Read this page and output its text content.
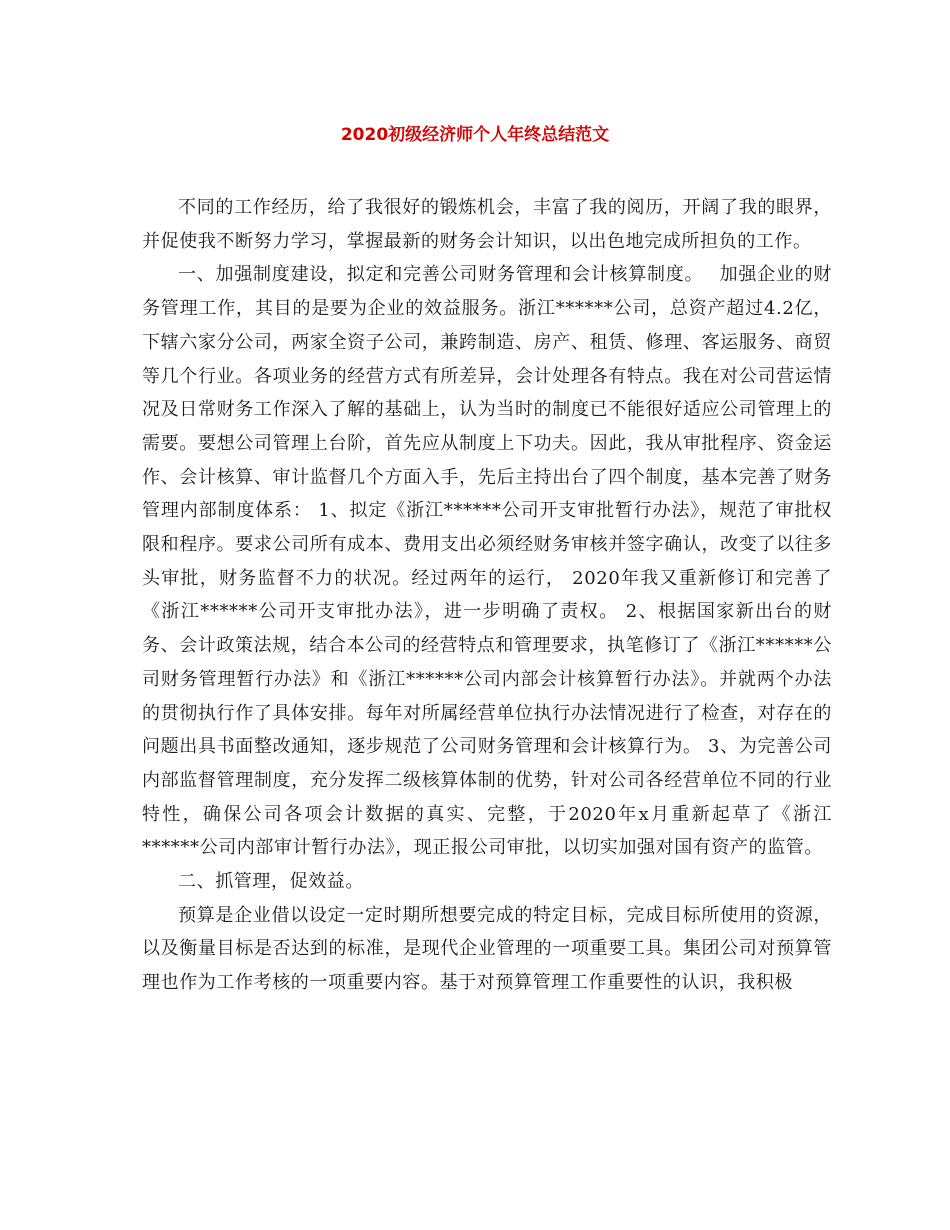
2020初级经济师个人年终总结范文

不同的工作经历，给了我很好的锻炼机会，丰富了我的阅历，开阔了我的眼界，并促使我不断努力学习，掌握最新的财务会计知识，以出色地完成所担负的工作。

一、加强制度建设，拟定和完善公司财务管理和会计核算制度。　 加强企业的财务管理工作，其目的是要为企业的效益服务。浙江******公司，总资产超过4.2亿，下辖六家分公司，两家全资子公司，兼跨制造、房产、租赁、修理、客运服务、商贸等几个行业。各项业务的经营方式有所差异，会计处理各有特点。我在对公司营运情况及日常财务工作深入了解的基础上，认为当时的制度已不能很好适应公司管理上的需要。要想公司管理上台阶，首先应从制度上下功夫。因此，我从审批程序、资金运作、会计核算、审计监督几个方面入手，先后主持出台了四个制度，基本完善了财务管理内部制度体系： 1、拟定《浙江******公司开支审批暂行办法》，规范了审批权限和程序。要求公司所有成本、费用支出必须经财务审核并签字确认，改变了以往多头审批，财务监督不力的状况。经过两年的运行， 2020年我又重新修订和完善了《浙江******公司开支审批办法》，进一步明确了责权。 2、根据国家新出台的财务、会计政策法规，结合本公司的经营特点和管理要求，执笔修订了《浙江******公司财务管理暂行办法》和《浙江******公司内部会计核算暂行办法》。并就两个办法的贯彻执行作了具体安排。每年对所属经营单位执行办法情况进行了检查，对存在的问题出具书面整改通知，逐步规范了公司财务管理和会计核算行为。 3、为完善公司内部监督管理制度，充分发挥二级核算体制的优势，针对公司各经营单位不同的行业特性，确保公司各项会计数据的真实、完整，于2020年x月重新起草了《浙江******公司内部审计暂行办法》，现正报公司审批，以切实加强对国有资产的监管。

二、抓管理，促效益。

预算是企业借以设定一定时期所想要完成的特定目标，完成目标所使用的资源，以及衡量目标是否达到的标准，是现代企业管理的一项重要工具。集团公司对预算管理也作为工作考核的一项重要内容。基于对预算管理工作重要性的认识，我积极
